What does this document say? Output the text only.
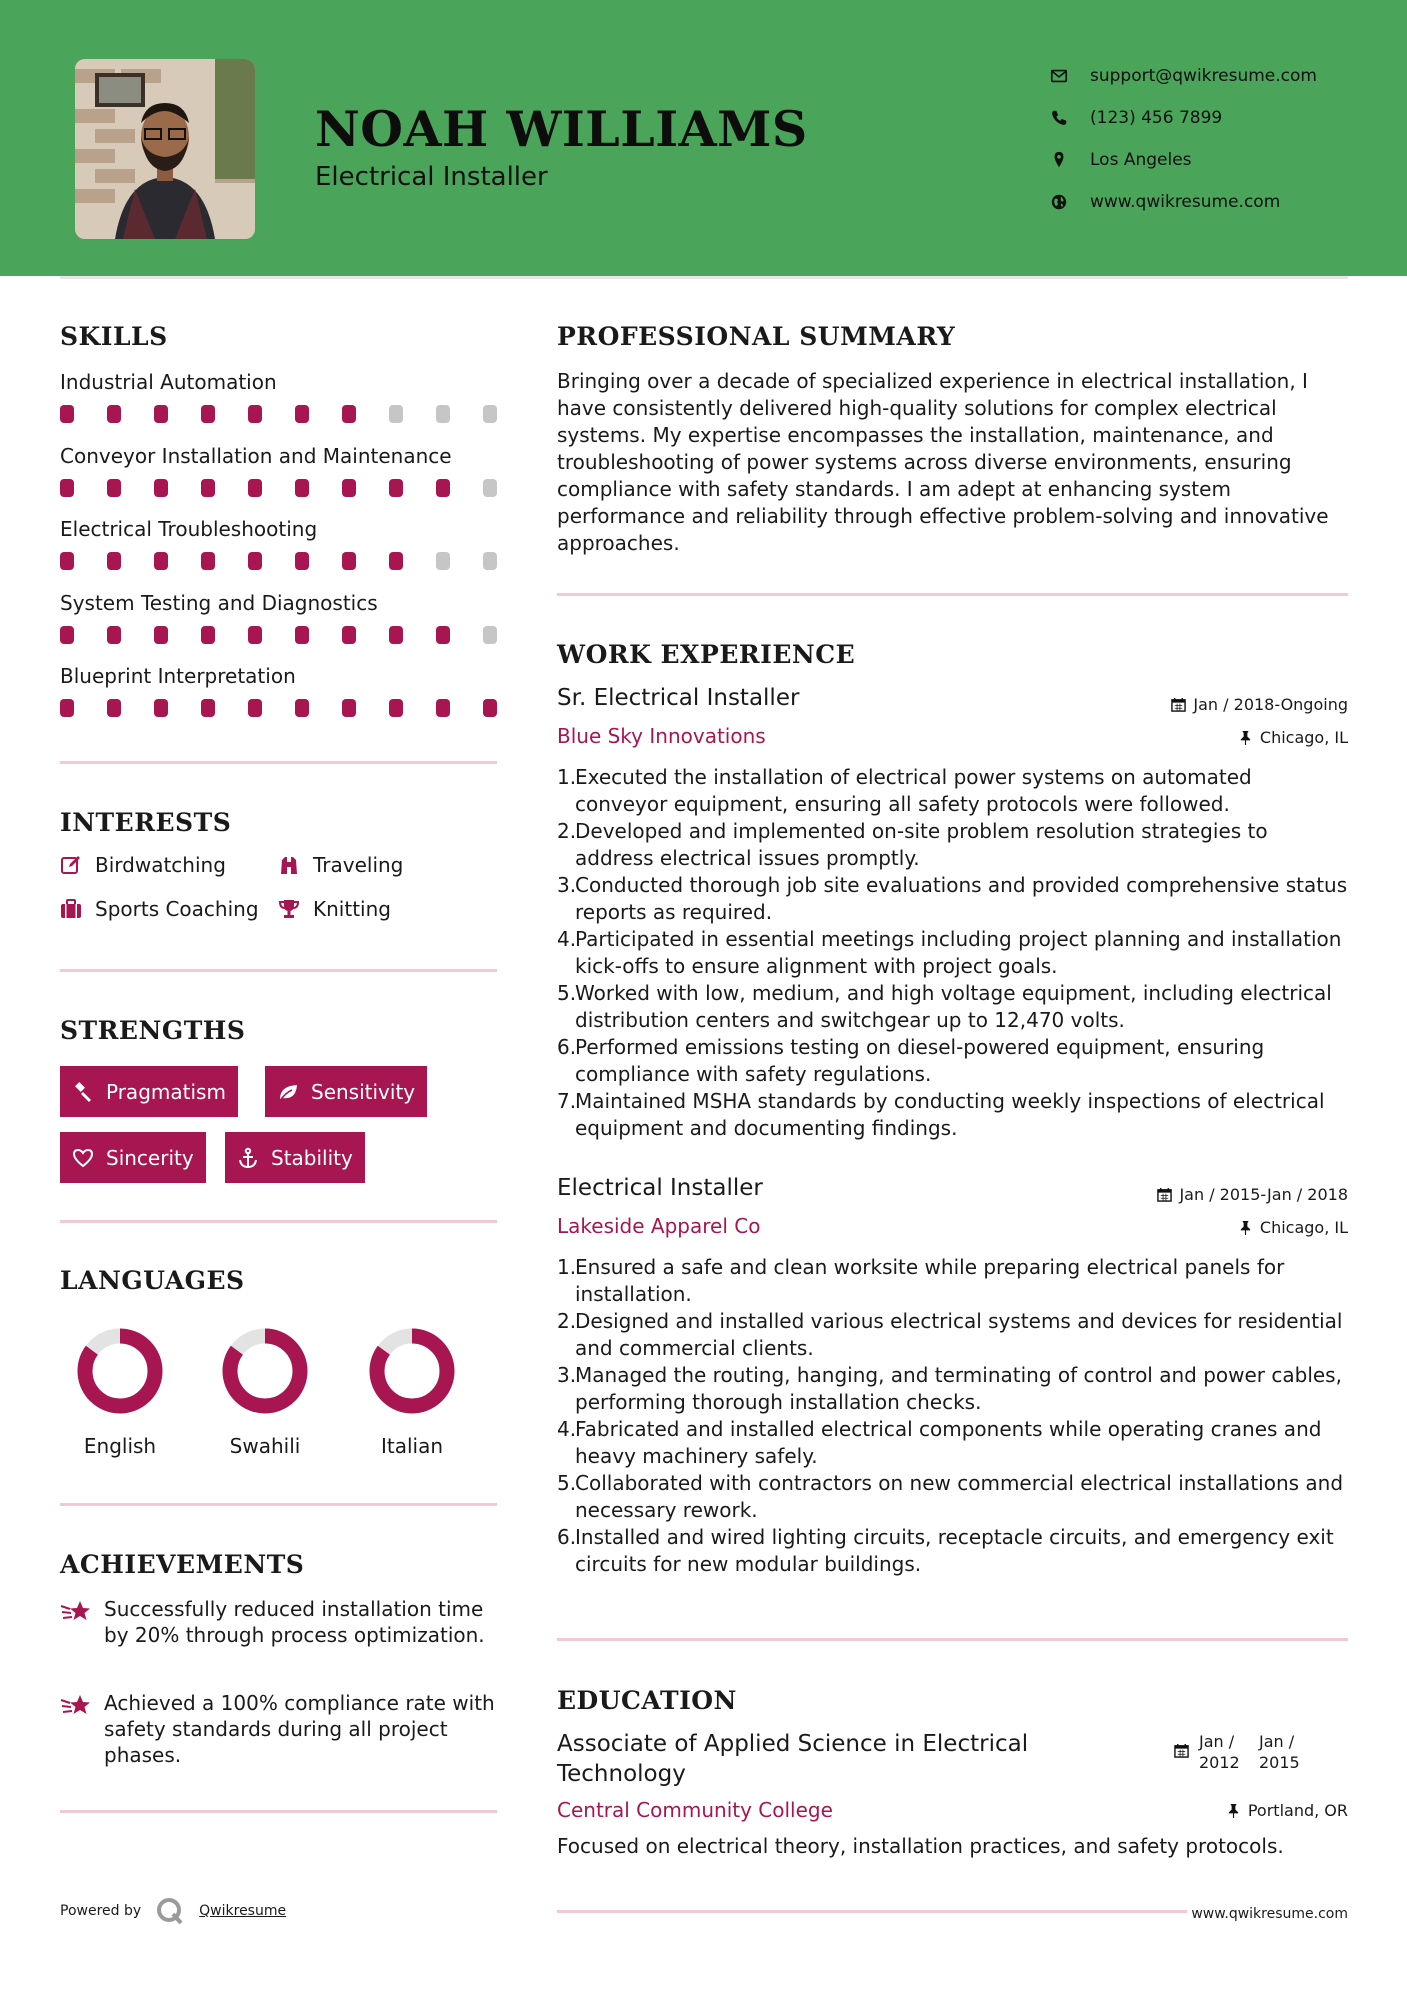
NOAH WILLIAMS
Electrical Installer
support@qwikresume.com
(123) 456 7899
Los Angeles
www.qwikresume.com
SKILLS
Industrial Automation
Conveyor Installation and Maintenance
Electrical Troubleshooting
System Testing and Diagnostics
Blueprint Interpretation
INTERESTS
Birdwatching	Traveling
Sports Coaching	Knitting
STRENGTHS
Pragmatism	Sensitivity
Sincerity	Stability
LANGUAGES
English	Swahili	Italian
ACHIEVEMENTS
Successfully reduced installation time by 20% through process optimization.
Achieved a 100% compliance rate with safety standards during all project phases.
Powered by	Qwikresume
PROFESSIONAL SUMMARY
Bringing over a decade of specialized experience in electrical installation, I have consistently delivered high-quality solutions for complex electrical systems. My expertise encompasses the installation, maintenance, and troubleshooting of power systems across diverse environments, ensuring compliance with safety standards. I am adept at enhancing system performance and reliability through effective problem-solving and innovative approaches.
WORK EXPERIENCE
Sr. Electrical Installer	Jan / 2018-Ongoing
Blue Sky Innovations	Chicago, IL
1.
Executed the installation of electrical power systems on automated conveyor equipment, ensuring all safety protocols were followed.
2.
Developed and implemented on-site problem resolution strategies to address electrical issues promptly.
3.
Conducted thorough job site evaluations and provided comprehensive status reports as required.
4.
Participated in essential meetings including project planning and installation kick-offs to ensure alignment with project goals.
5.
Worked with low, medium, and high voltage equipment, including electrical distribution centers and switchgear up to 12,470 volts.
6.
Performed emissions testing on diesel-powered equipment, ensuring compliance with safety regulations.
7.
Maintained MSHA standards by conducting weekly inspections of electrical equipment and documenting findings.
Electrical Installer	Jan / 2015-Jan / 2018
Lakeside Apparel Co	Chicago, IL
1.
Ensured a safe and clean worksite while preparing electrical panels for installation.
2.
Designed and installed various electrical systems and devices for residential and commercial clients.
3.
Managed the routing, hanging, and terminating of control and power cables, performing thorough installation checks.
4.
Fabricated and installed electrical components while operating cranes and heavy machinery safely.
5.
Collaborated with contractors on new commercial electrical installations and necessary rework.
6.
Installed and wired lighting circuits, receptacle circuits, and emergency exit circuits for new modular buildings.
EDUCATION
Associate of Applied Science in Electrical Technology
Jan /
2012
Jan /
2015
Central Community College	Portland, OR
Focused on electrical theory, installation practices, and safety protocols.
www.qwikresume.com
